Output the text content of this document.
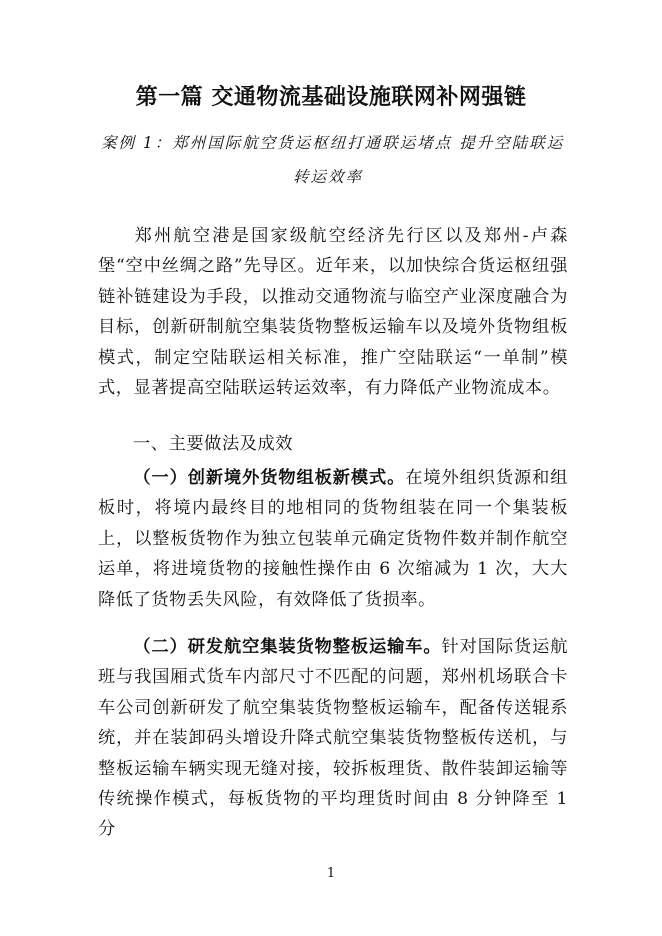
第一篇 交通物流基础设施联网补网强链
案例 1：郑州国际航空货运枢纽打通联运堵点 提升空陆联运
转运效率

郑州航空港是国家级航空经济先行区以及郑州-卢森堡“空中丝绸之路”先导区。近年来，以加快综合货运枢纽强链补链建设为手段，以推动交通物流与临空产业深度融合为目标，创新研制航空集装货物整板运输车以及境外货物组板模式，制定空陆联运相关标准，推广空陆联运“一单制”模式，显著提高空陆联运转运效率，有力降低产业物流成本。

一、主要做法及成效

（一）创新境外货物组板新模式。在境外组织货源和组板时，将境内最终目的地相同的货物组装在同一个集装板上，以整板货物作为独立包装单元确定货物件数并制作航空运单，将进境货物的接触性操作由 6 次缩减为 1 次，大大降低了货物丢失风险，有效降低了货损率。

（二）研发航空集装货物整板运输车。针对国际货运航班与我国厢式货车内部尺寸不匹配的问题，郑州机场联合卡车公司创新研发了航空集装货物整板运输车，配备传送辊系统，并在装卸码头增设升降式航空集装货物整板传送机，与整板运输车辆实现无缝对接，较拆板理货、散件装卸运输等传统操作模式，每板货物的平均理货时间由 8 分钟降至 1 分

1
